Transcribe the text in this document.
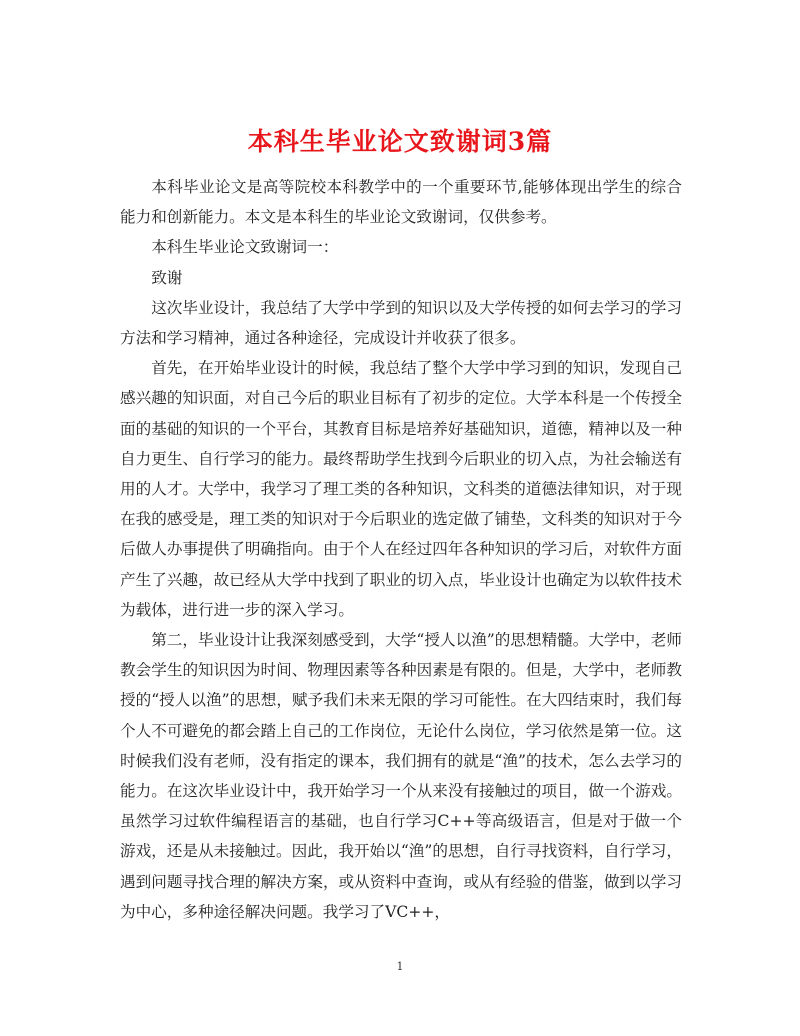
本科生毕业论文致谢词3篇

本科毕业论文是高等院校本科教学中的一个重要环节,能够体现出学生的综合能力和创新能力。本文是本科生的毕业论文致谢词，仅供参考。

本科生毕业论文致谢词一：

致谢

这次毕业设计，我总结了大学中学到的知识以及大学传授的如何去学习的学习方法和学习精神，通过各种途径，完成设计并收获了很多。

首先，在开始毕业设计的时候，我总结了整个大学中学习到的知识，发现自己感兴趣的知识面，对自己今后的职业目标有了初步的定位。大学本科是一个传授全面的基础的知识的一个平台，其教育目标是培养好基础知识，道德，精神以及一种自力更生、自行学习的能力。最终帮助学生找到今后职业的切入点，为社会输送有用的人才。大学中，我学习了理工类的各种知识，文科类的道德法律知识，对于现在我的感受是，理工类的知识对于今后职业的选定做了铺垫，文科类的知识对于今后做人办事提供了明确指向。由于个人在经过四年各种知识的学习后，对软件方面产生了兴趣，故已经从大学中找到了职业的切入点，毕业设计也确定为以软件技术为载体，进行进一步的深入学习。

第二，毕业设计让我深刻感受到，大学“授人以渔”的思想精髓。大学中，老师教会学生的知识因为时间、物理因素等各种因素是有限的。但是，大学中，老师教授的“授人以渔”的思想，赋予我们未来无限的学习可能性。在大四结束时，我们每个人不可避免的都会踏上自己的工作岗位，无论什么岗位，学习依然是第一位。这时候我们没有老师，没有指定的课本，我们拥有的就是“渔”的技术，怎么去学习的能力。在这次毕业设计中，我开始学习一个从来没有接触过的项目，做一个游戏。虽然学习过软件编程语言的基础，也自行学习C++等高级语言，但是对于做一个游戏，还是从未接触过。因此，我开始以“渔”的思想，自行寻找资料，自行学习，遇到问题寻找合理的解决方案，或从资料中查询，或从有经验的借鉴，做到以学习为中心，多种途径解决问题。我学习了VC++，

1
